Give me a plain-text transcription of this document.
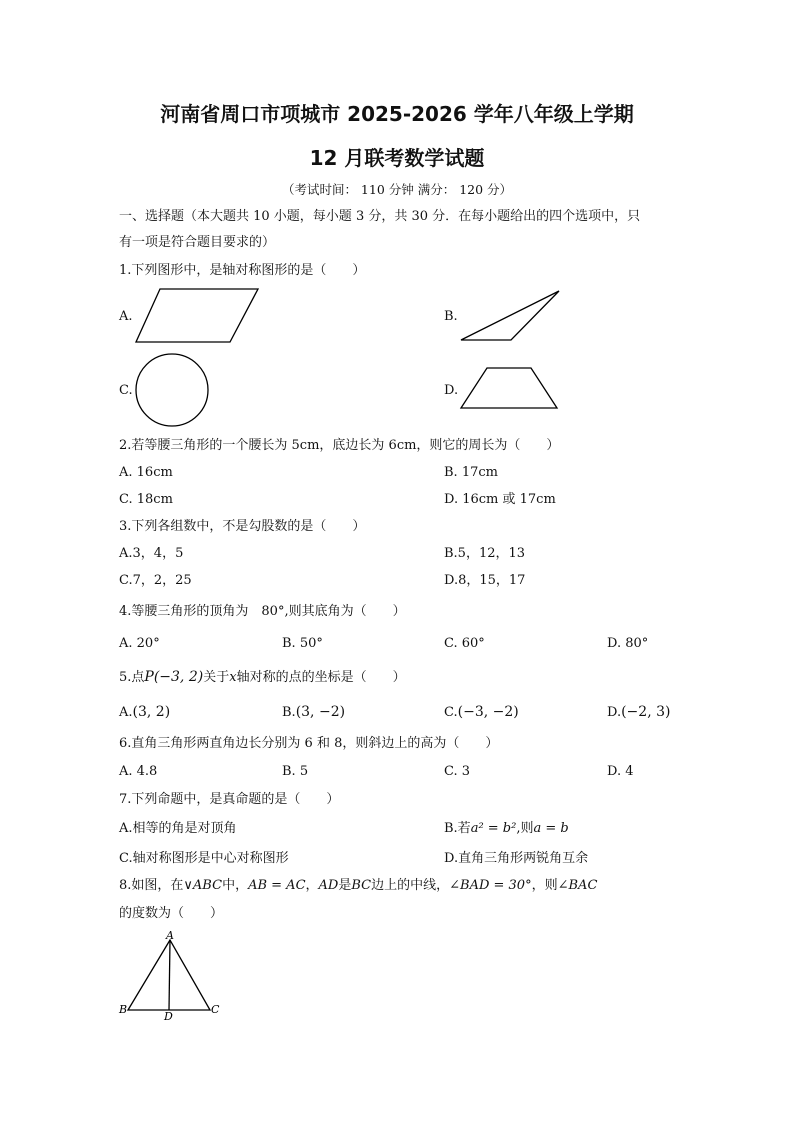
河南省周口市项城市 2025-2026 学年八年级上学期
12 月联考数学试题
（考试时间： 110 分钟 满分： 120 分）
一、选择题（本大题共 10 小题，每小题 3 分，共 30 分．在每小题给出的四个选项中，只
有一项是符合题目要求的）
1.下列图形中，是轴对称图形的是（　　）
A.	B.
C.	D.
2.若等腰三角形的一个腰长为 5cm，底边长为 6cm，则它的周长为（　　）
A. 16cm	B. 17cm
C. 18cm	D. 16cm 或 17cm
3.下列各组数中，不是勾股数的是（　　）
A.3，4，5	B.5，12，13
C.7，2，25	D.8，15，17
4.等腰三角形的顶角为　80°,则其底角为（　　）
A. 20°	B. 50°	C. 60°	D. 80°
5.点P(−3, 2)关于x轴对称的点的坐标是（　　）
A.(3, 2)	B.(3, −2)	C.(−3, −2)	D.(−2, 3)
6.直角三角形两直角边长分别为 6 和 8，则斜边上的高为（　　）
A. 4.8	B. 5	C. 3	D. 4
7.下列命题中，是真命题的是（　　）
A.相等的角是对顶角	B.若a² = b²,则a = b
C.轴对称图形是中心对称图形	D.直角三角形两锐角互余
8.如图，在∨ABC中，AB = AC，AD是BC边上的中线，∠BAD = 30°，则∠BAC
的度数为（　　）
A
B	C
D
